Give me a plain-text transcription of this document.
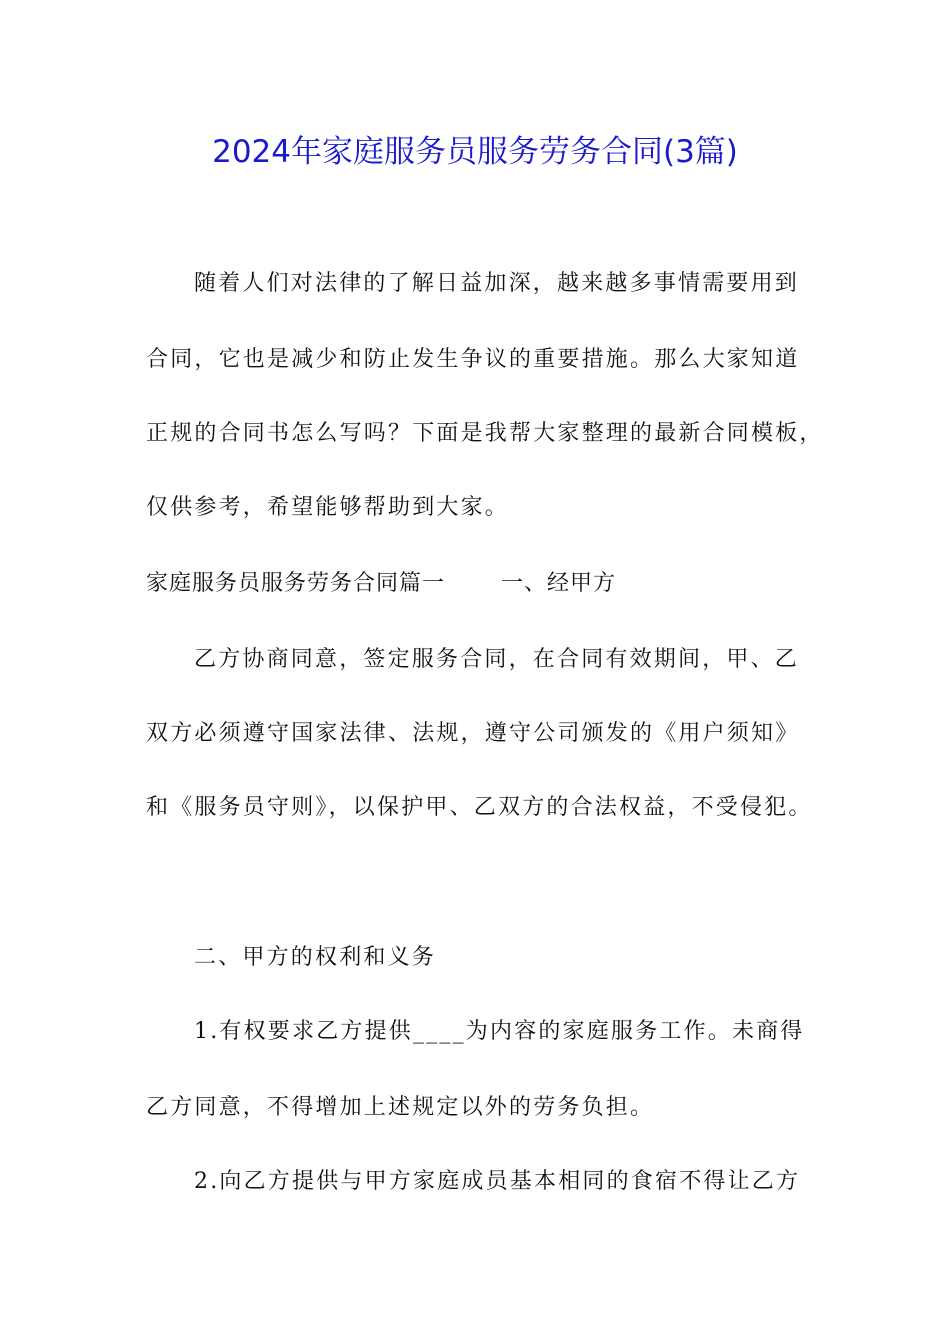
2024年家庭服务员服务劳务合同(3篇)
随着人们对法律的了解日益加深，越来越多事情需要用到
合同，它也是减少和防止发生争议的重要措施。那么大家知道
正规的合同书怎么写吗？下面是我帮大家整理的最新合同模板，
仅供参考，希望能够帮助到大家。
家庭服务员服务劳务合同篇一	一、经甲方
乙方协商同意，签定服务合同，在合同有效期间，甲、乙
双方必须遵守国家法律、法规，遵守公司颁发的《用户须知》
和《服务员守则》，以保护甲、乙双方的合法权益，不受侵犯。
二、甲方的权利和义务
1.有权要求乙方提供____为内容的家庭服务工作。未商得
乙方同意，不得增加上述规定以外的劳务负担。
2.向乙方提供与甲方家庭成员基本相同的食宿不得让乙方
